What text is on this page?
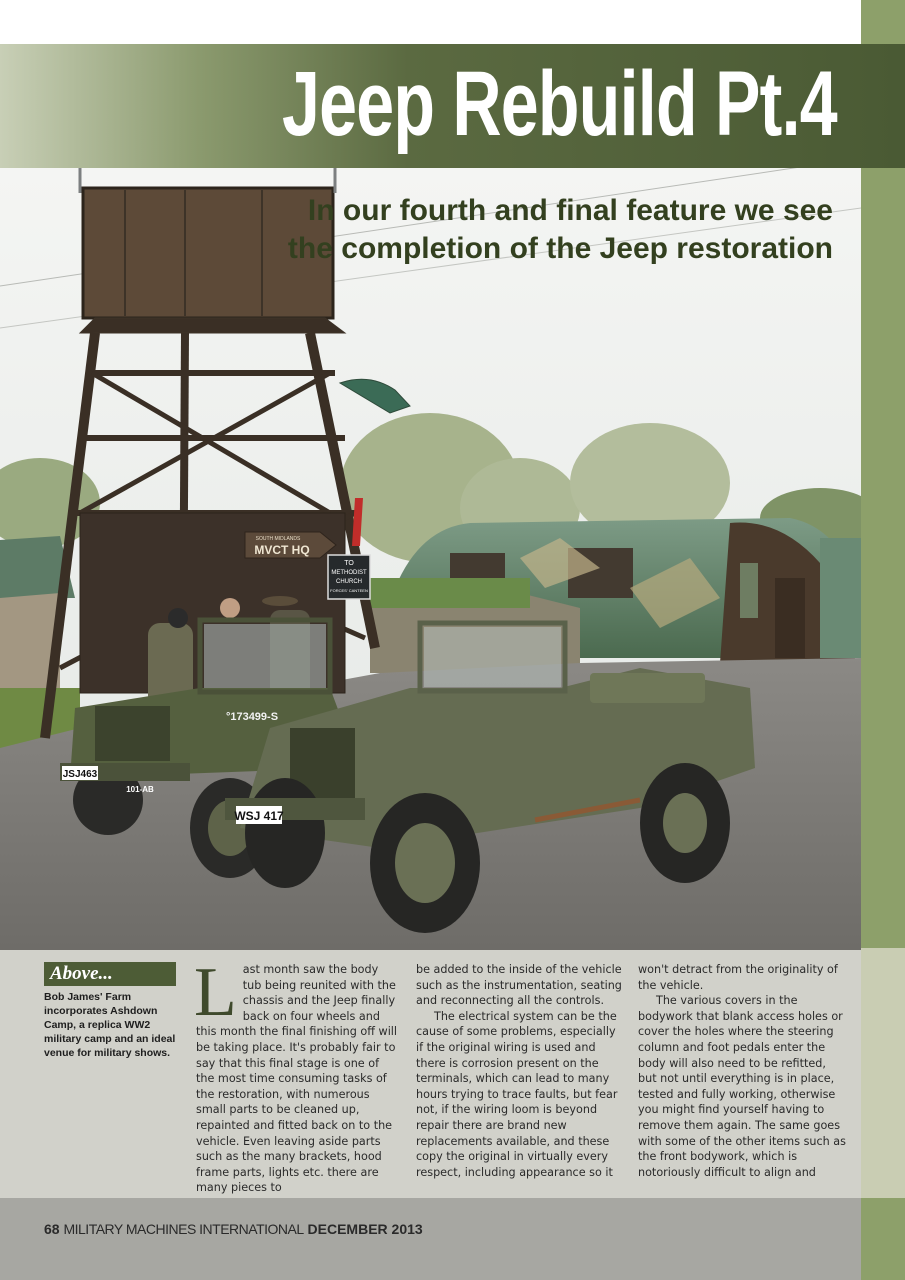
SOUTH MIDLANDS
MVCT HQ
TO
METHODIST
CHURCH
FORCES' CANTEEN
JSJ463
101-AB
°173499-S
WSJ 417
Jeep Rebuild Pt.4

In our fourth and final feature we see the completion of the Jeep restoration

Above...

Bob James' Farm incorporates Ashdown Camp, a replica WW2 military camp and an ideal venue for military shows.

L ast month saw the body tub being reunited with the chassis and the Jeep finally back on four wheels and this month the final finishing off will be taking place. It's probably fair to say that this final stage is one of the most time consuming tasks of the restoration, with numerous small parts to be cleaned up, repainted and fitted back on to the vehicle. Even leaving aside parts such as the many brackets, hood frame parts, lights etc. there are many pieces to

be added to the inside of the vehicle such as the instrumentation, seating and reconnecting all the controls.

The electrical system can be the cause of some problems, especially if the original wiring is used and there is corrosion present on the terminals, which can lead to many hours trying to trace faults, but fear not, if the wiring loom is beyond repair there are brand new replacements available, and these copy the original in virtually every respect, including appearance so it

won't detract from the originality of the vehicle.

The various covers in the bodywork that blank access holes or cover the holes where the steering column and foot pedals enter the body will also need to be refitted, but not until everything is in place, tested and fully working, otherwise you might find yourself having to remove them again. The same goes with some of the other items such as the front bodywork, which is notoriously difficult to align and

68 MILITARY MACHINES INTERNATIONAL DECEMBER 2013
